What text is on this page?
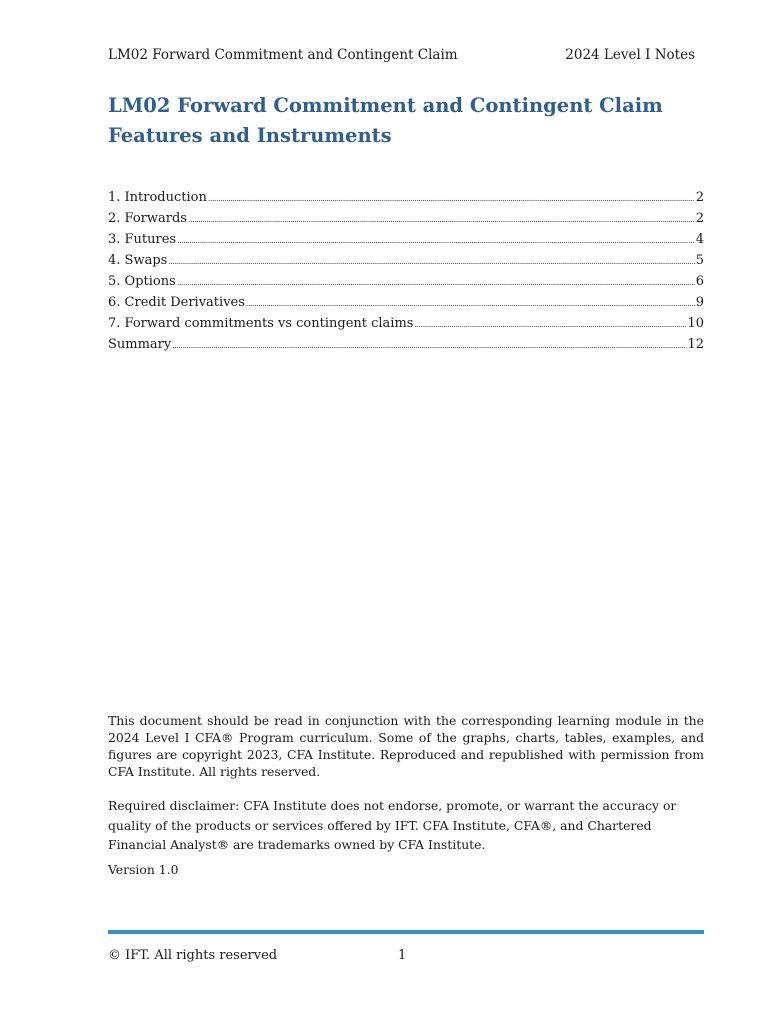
LM02 Forward Commitment and Contingent Claim	2024 Level I Notes
LM02 Forward Commitment and Contingent Claim Features and Instruments
1. Introduction .....	2
2. Forwards .....	2
3. Futures .....	4
4. Swaps .....	5
5. Options .....	6
6. Credit Derivatives .....	9
7. Forward commitments vs contingent claims .....	10
Summary .....	12

This document should be read in conjunction with the corresponding learning module in the 2024 Level I CFA® Program curriculum. Some of the graphs, charts, tables, examples, and figures are copyright 2023, CFA Institute. Reproduced and republished with permission from CFA Institute. All rights reserved.

Required disclaimer: CFA Institute does not endorse, promote, or warrant the accuracy or quality of the products or services offered by IFT. CFA Institute, CFA®, and Chartered Financial Analyst® are trademarks owned by CFA Institute.

Version 1.0

© IFT. All rights reserved	1
